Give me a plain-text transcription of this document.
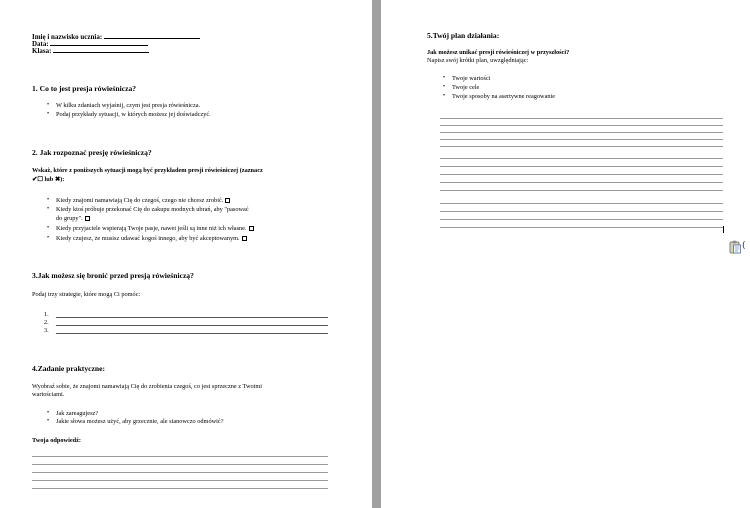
Imię i nazwisko ucznia:
Data:
Klasa:
1. Co to jest presja rówieśnicza?
• W kilku zdaniach wyjaśnij, czym jest presja rówieśnicza.
• Podaj przykłady sytuacji, w których możesz jej doświadczyć.
2. Jak rozpoznać presję rówieśniczą?
Wskaż, które z poniższych sytuacji mogą być przykładem presji rówieśniczej (zaznacz
✔☐ lub ✖):
• Kiedy znajomi namawiają Cię do czegoś, czego nie chcesz zrobić.
• Kiedy ktoś próbuje przekonać Cię do zakupu modnych ubrań, aby "pasować
do grupy".
• Kiedy przyjaciele wspierają Twoje pasje, nawet jeśli są inne niż ich własne.
• Kiedy czujesz, że musisz udawać kogoś innego, aby być akceptowanym.
3.Jak możesz się bronić przed presją rówieśniczą?
Podaj trzy strategie, które mogą Ci pomóc:
1.
2.
3.
4.Zadanie praktyczne:
Wyobraź sobie, że znajomi namawiają Cię do zrobienia czegoś, co jest sprzeczne z Twoimi
wartościami.
• Jak zareagujesz?
• Jakie słowa możesz użyć, aby grzecznie, ale stanowczo odmówić?
Twoja odpowiedź:
5.Twój plan działania:
Jak możesz unikać presji rówieśniczej w przyszłości?
Napisz swój krótki plan, uwzględniając:
• Twoje wartości
• Twoje cele
• Twoje sposoby na asertywne reagowanie
(
